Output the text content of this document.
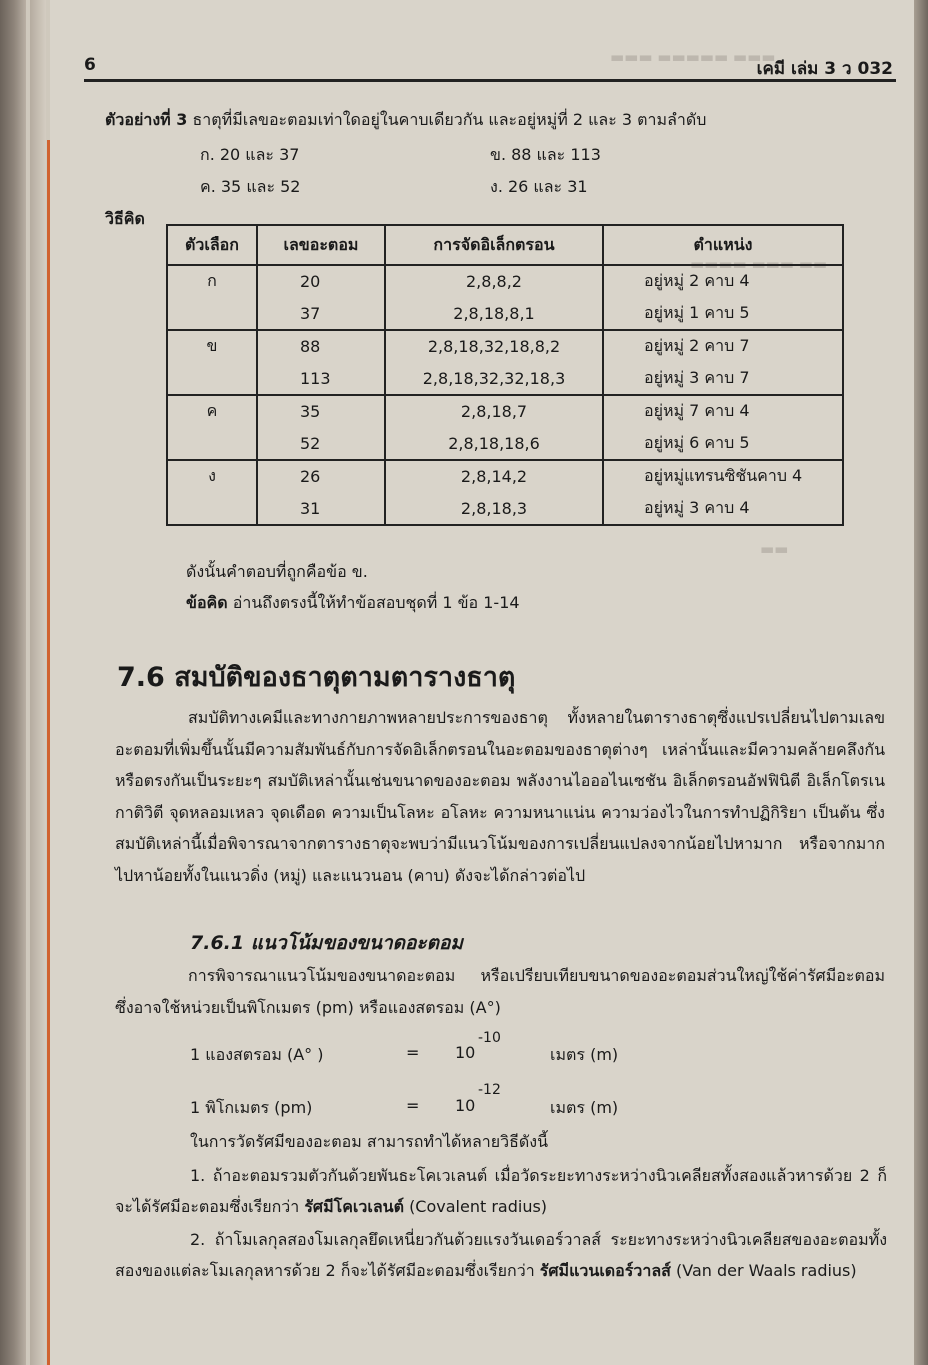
▬▬▬ ▬▬▬▬▬ ▬▬▬
▬▬▬▬ ▬▬▬ ▬▬
▬▬
6	เคมี เล่ม 3 ว 032
ตัวอย่างที่ 3 ธาตุที่มีเลขอะตอมเท่าใดอยู่ในคาบเดียวกัน และอยู่หมู่ที่ 2 และ 3 ตามลำดับ
ก. 20 และ 37	ข. 88 และ 113
ค. 35 และ 52	ง. 26 และ 31
วิธีคิด
ตัวเลือก	เลขอะตอม	การจัดอิเล็กตรอน	ตำแหน่ง
ก	20	2,8,8,2	อยู่หมู่ 2 คาบ 4
	37	2,8,18,8,1	อยู่หมู่ 1 คาบ 5
ข	88	2,8,18,32,18,8,2	อยู่หมู่ 2 คาบ 7
	113	2,8,18,32,32,18,3	อยู่หมู่ 3 คาบ 7
ค	35	2,8,18,7	อยู่หมู่ 7 คาบ 4
	52	2,8,18,18,6	อยู่หมู่ 6 คาบ 5
ง	26	2,8,14,2	อยู่หมู่แทรนซิชันคาบ 4
	31	2,8,18,3	อยู่หมู่ 3 คาบ 4
ดังนั้นคำตอบที่ถูกคือข้อ ข.
ข้อคิด อ่านถึงตรงนี้ให้ทำข้อสอบชุดที่ 1 ข้อ 1-14
7.6 สมบัติของธาตุตามตารางธาตุ
สมบัติทางเคมีและทางกายภาพหลายประการของธาตุ ทั้งหลายในตารางธาตุซึ่งแปรเปลี่ยนไปตามเลขอะตอมที่เพิ่มขึ้นนั้นมีความสัมพันธ์กับการจัดอิเล็กตรอนในอะตอมของธาตุต่างๆ เหล่านั้นและมีความคล้ายคลึงกันหรือตรงกันเป็นระยะๆ สมบัติเหล่านั้นเช่นขนาดของอะตอม พลังงานไอออไนเซชัน อิเล็กตรอนอัฟฟินิตี อิเล็กโตรเนกาติวิตี จุดหลอมเหลว จุดเดือด ความเป็นโลหะ อโลหะ ความหนาแน่น ความว่องไวในการทำปฏิกิริยา เป็นต้น ซึ่งสมบัติเหล่านี้เมื่อพิจารณาจากตารางธาตุจะพบว่ามีแนวโน้มของการเปลี่ยนแปลงจากน้อยไปหามาก หรือจากมากไปหาน้อยทั้งในแนวดิ่ง (หมู่) และแนวนอน (คาบ) ดังจะได้กล่าวต่อไป
7.6.1 แนวโน้มของขนาดอะตอม
การพิจารณาแนวโน้มของขนาดอะตอม หรือเปรียบเทียบขนาดของอะตอมส่วนใหญ่ใช้ค่ารัศมีอะตอม ซึ่งอาจใช้หน่วยเป็นพิโกเมตร (pm) หรือแองสตรอม (A°)
1 แองสตรอม (A° )	= 10
-10
เมตร (m)
1 พิโกเมตร (pm)	= 10
-12
เมตร (m)
ในการวัดรัศมีของอะตอม สามารถทำได้หลายวิธีดังนี้
1. ถ้าอะตอมรวมตัวกันด้วยพันธะโคเวเลนต์ เมื่อวัดระยะทางระหว่างนิวเคลียสทั้งสองแล้วหารด้วย 2 ก็จะได้รัศมีอะตอมซึ่งเรียกว่า รัศมีโคเวเลนต์ (Covalent radius)
2. ถ้าโมเลกุลสองโมเลกุลยึดเหนี่ยวกันด้วยแรงวันเดอร์วาลส์ ระยะทางระหว่างนิวเคลียสของอะตอมทั้งสองของแต่ละโมเลกุลหารด้วย 2 ก็จะได้รัศมีอะตอมซึ่งเรียกว่า รัศมีแวนเดอร์วาลส์ (Van der Waals radius)
